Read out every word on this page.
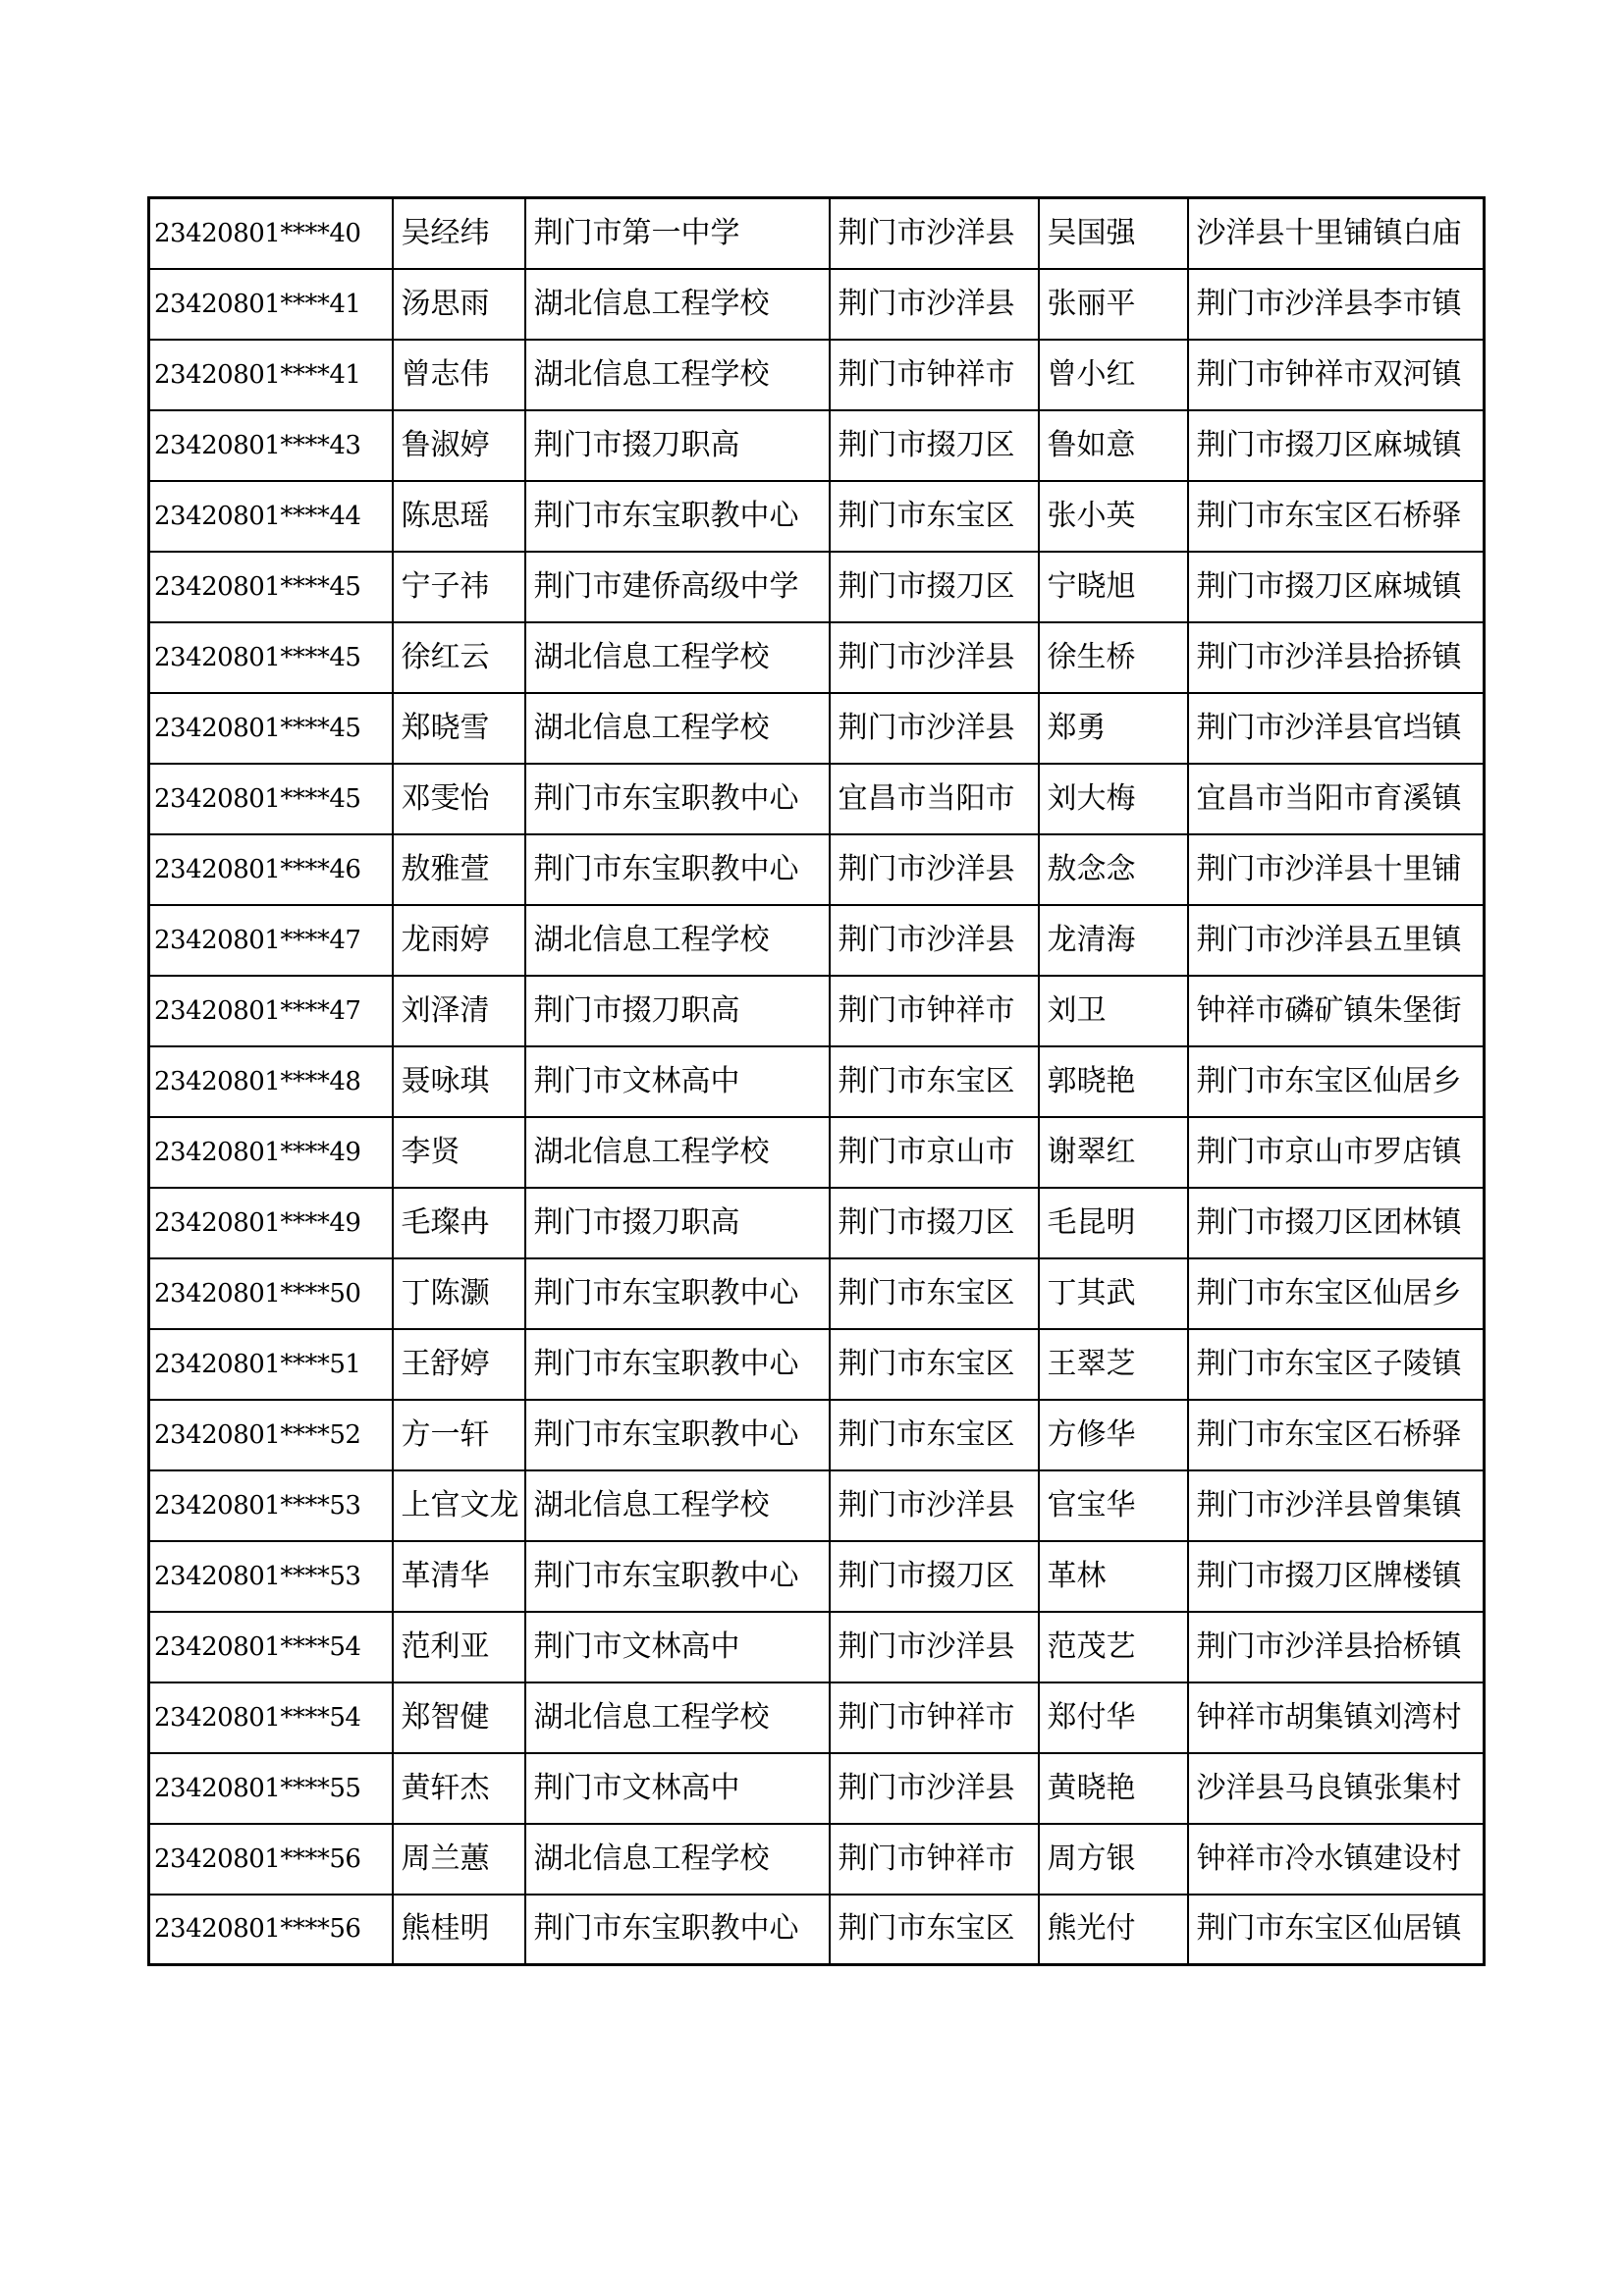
23420801****40	吴经纬	荆门市第一中学	荆门市沙洋县	吴国强	沙洋县十里铺镇白庙
23420801****41	汤思雨	湖北信息工程学校	荆门市沙洋县	张丽平	荆门市沙洋县李市镇
23420801****41	曾志伟	湖北信息工程学校	荆门市钟祥市	曾小红	荆门市钟祥市双河镇
23420801****43	鲁淑婷	荆门市掇刀职高	荆门市掇刀区	鲁如意	荆门市掇刀区麻城镇
23420801****44	陈思瑶	荆门市东宝职教中心	荆门市东宝区	张小英	荆门市东宝区石桥驿
23420801****45	宁子祎	荆门市建侨高级中学	荆门市掇刀区	宁晓旭	荆门市掇刀区麻城镇
23420801****45	徐红云	湖北信息工程学校	荆门市沙洋县	徐生桥	荆门市沙洋县拾挢镇
23420801****45	郑晓雪	湖北信息工程学校	荆门市沙洋县	郑勇	荆门市沙洋县官垱镇
23420801****45	邓雯怡	荆门市东宝职教中心	宜昌市当阳市	刘大梅	宜昌市当阳市育溪镇
23420801****46	敖雅萱	荆门市东宝职教中心	荆门市沙洋县	敖念念	荆门市沙洋县十里铺
23420801****47	龙雨婷	湖北信息工程学校	荆门市沙洋县	龙清海	荆门市沙洋县五里镇
23420801****47	刘泽清	荆门市掇刀职高	荆门市钟祥市	刘卫	钟祥市磷矿镇朱堡街
23420801****48	聂咏琪	荆门市文林高中	荆门市东宝区	郭晓艳	荆门市东宝区仙居乡
23420801****49	李贤	湖北信息工程学校	荆门市京山市	谢翠红	荆门市京山市罗店镇
23420801****49	毛璨冉	荆门市掇刀职高	荆门市掇刀区	毛昆明	荆门市掇刀区团林镇
23420801****50	丁陈灏	荆门市东宝职教中心	荆门市东宝区	丁其武	荆门市东宝区仙居乡
23420801****51	王舒婷	荆门市东宝职教中心	荆门市东宝区	王翠芝	荆门市东宝区子陵镇
23420801****52	方一轩	荆门市东宝职教中心	荆门市东宝区	方修华	荆门市东宝区石桥驿
23420801****53	上官文龙	湖北信息工程学校	荆门市沙洋县	官宝华	荆门市沙洋县曾集镇
23420801****53	革清华	荆门市东宝职教中心	荆门市掇刀区	革林	荆门市掇刀区牌楼镇
23420801****54	范利亚	荆门市文林高中	荆门市沙洋县	范茂艺	荆门市沙洋县拾桥镇
23420801****54	郑智健	湖北信息工程学校	荆门市钟祥市	郑付华	钟祥市胡集镇刘湾村
23420801****55	黄轩杰	荆门市文林高中	荆门市沙洋县	黄晓艳	沙洋县马良镇张集村
23420801****56	周兰蕙	湖北信息工程学校	荆门市钟祥市	周方银	钟祥市冷水镇建设村
23420801****56	熊桂明	荆门市东宝职教中心	荆门市东宝区	熊光付	荆门市东宝区仙居镇
